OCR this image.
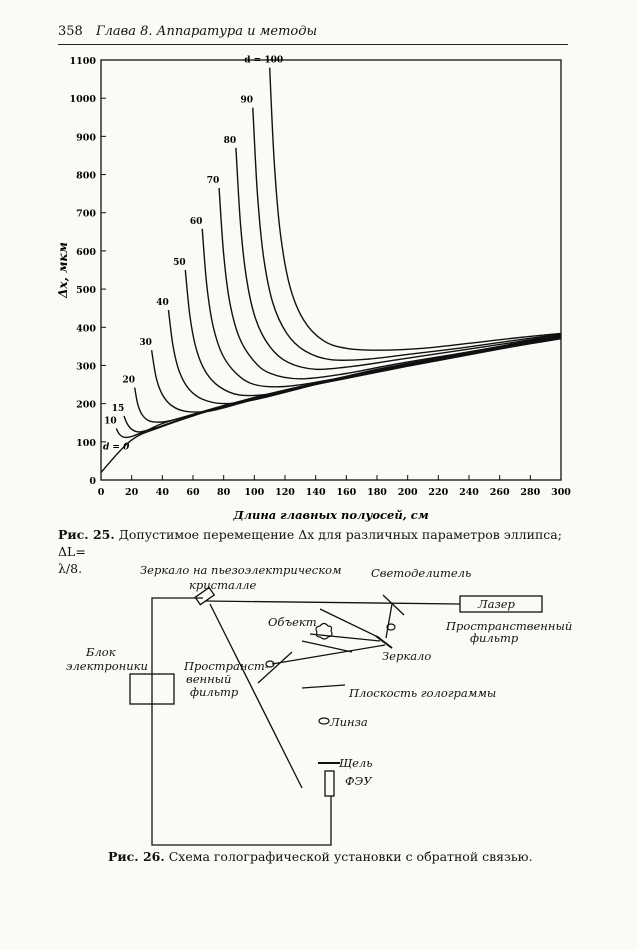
358 Глава 8. Аппаратура и методы
0 20 40 60 80 100 120 140 160 180 200 220 240 260 280 300
0
100
200
300
400
500
600
700
800
900
1000
1100
10
15
20
30
40
50
60
70
80
90
d = 100
d = 0
Длина главных полуосей, см
Δx, мкм
Рис. 25. Допустимое перемещение Δx для различных параметров эллипса; ΔL=
λ/8.	Зеркало на пьезоэлектрическом
кристалле
Светоделитель
Лазер
Объект	Пространственный
фильтр
Зеркало
Блок
электроники	Пространст-
венный
фильтр	Плоскость голограммы
Линза
Щель
ФЭУ
Рис. 26. Схема голографической установки с обратной связью.
